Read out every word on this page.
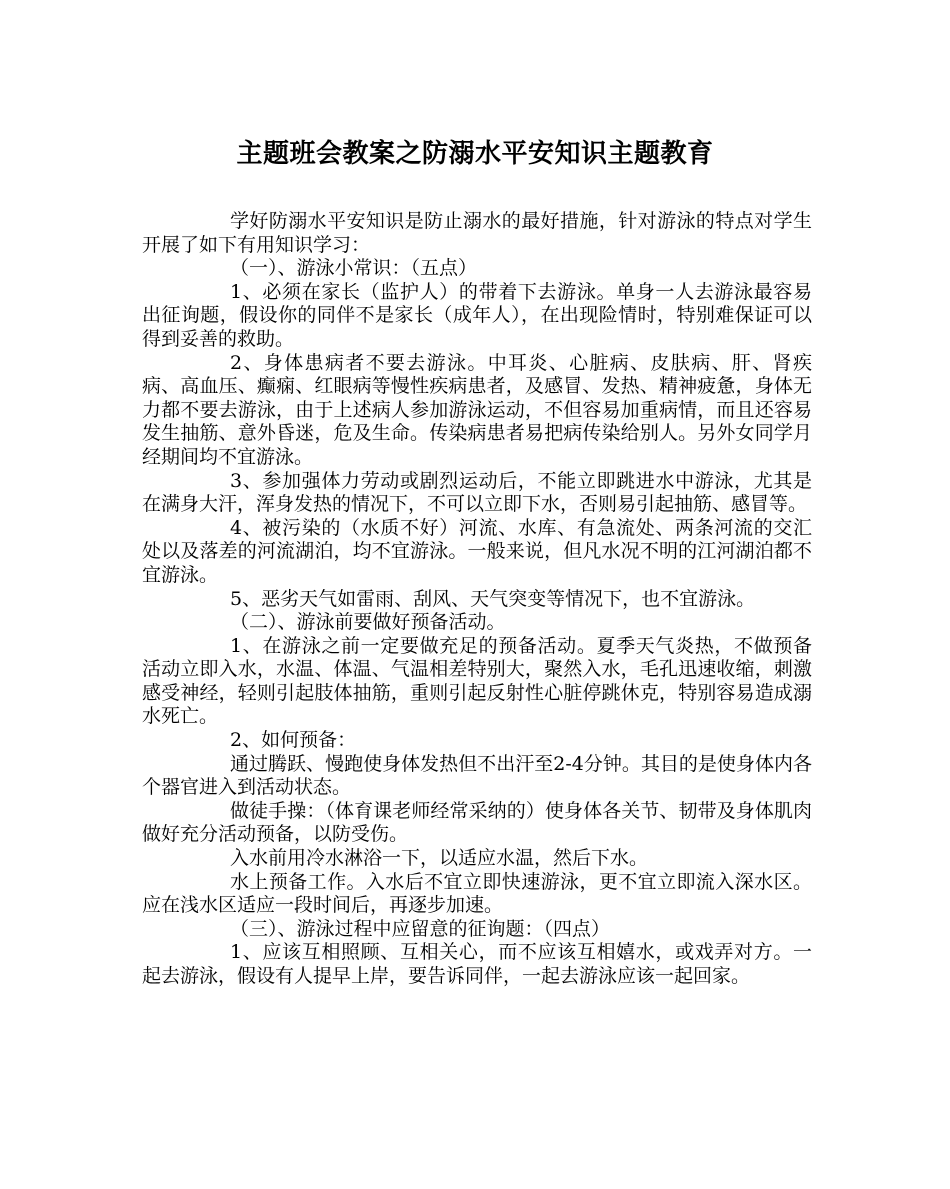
主题班会教案之防溺水平安知识主题教育

学好防溺水平安知识是防止溺水的最好措施，针对游泳的特点对学生开展了如下有用知识学习：

（一）、游泳小常识：（五点）

1、必须在家长（监护人）的带着下去游泳。单身一人去游泳最容易出征询题，假设你的同伴不是家长（成年人），在出现险情时，特别难保证可以得到妥善的救助。

2、身体患病者不要去游泳。中耳炎、心脏病、皮肤病、肝、肾疾病、高血压、癫痫、红眼病等慢性疾病患者，及感冒、发热、精神疲惫，身体无力都不要去游泳，由于上述病人参加游泳运动，不但容易加重病情，而且还容易发生抽筋、意外昏迷，危及生命。传染病患者易把病传染给别人。另外女同学月经期间均不宜游泳。

3、参加强体力劳动或剧烈运动后，不能立即跳进水中游泳，尤其是在满身大汗，浑身发热的情况下，不可以立即下水，否则易引起抽筋、感冒等。

4、被污染的（水质不好）河流、水库、有急流处、两条河流的交汇处以及落差的河流湖泊，均不宜游泳。一般来说，但凡水况不明的江河湖泊都不宜游泳。

5、恶劣天气如雷雨、刮风、天气突变等情况下，也不宜游泳。

（二）、游泳前要做好预备活动。

1、在游泳之前一定要做充足的预备活动。夏季天气炎热，不做预备活动立即入水，水温、体温、气温相差特别大，聚然入水，毛孔迅速收缩，刺激感受神经，轻则引起肢体抽筋，重则引起反射性心脏停跳休克，特别容易造成溺水死亡。

2、如何预备：

通过腾跃、慢跑使身体发热但不出汗至2-4分钟。其目的是使身体内各个器官进入到活动状态。

做徒手操：（体育课老师经常采纳的）使身体各关节、韧带及身体肌肉做好充分活动预备，以防受伤。

入水前用冷水淋浴一下，以适应水温，然后下水。

水上预备工作。入水后不宜立即快速游泳，更不宜立即流入深水区。应在浅水区适应一段时间后，再逐步加速。

（三）、游泳过程中应留意的征询题：（四点）

1、应该互相照顾、互相关心，而不应该互相嬉水，或戏弄对方。一起去游泳，假设有人提早上岸，要告诉同伴，一起去游泳应该一起回家。
